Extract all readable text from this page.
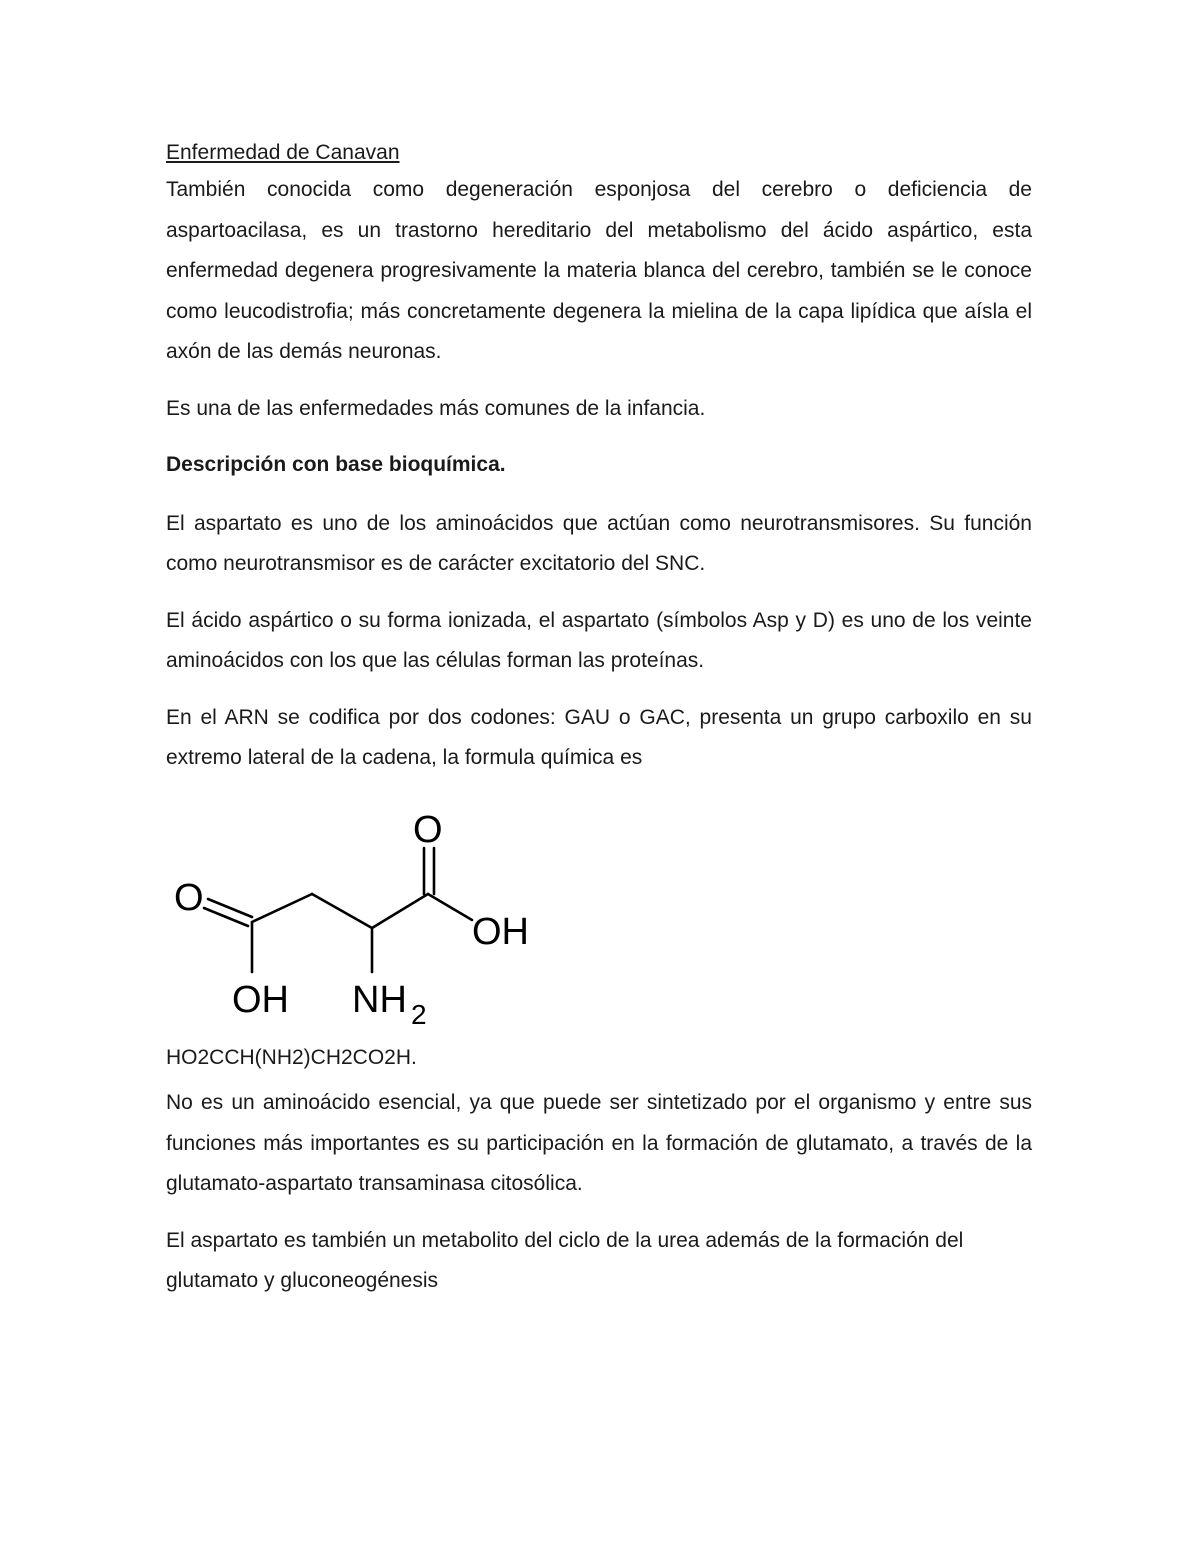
Enfermedad de Canavan

También conocida como degeneración esponjosa del cerebro o deficiencia de aspartoacilasa, es un trastorno hereditario del metabolismo del ácido aspártico, esta enfermedad degenera progresivamente la materia blanca del cerebro, también se le conoce como leucodistrofia; más concretamente degenera la mielina de la capa lipídica que aísla el axón de las demás neuronas.

Es una de las enfermedades más comunes de la infancia.

Descripción con base bioquímica.

El aspartato es uno de los aminoácidos que actúan como neurotransmisores. Su función como neurotransmisor es de carácter excitatorio del SNC.

El ácido aspártico o su forma ionizada, el aspartato (símbolos Asp y D) es uno de los veinte aminoácidos con los que las células forman las proteínas.

En el ARN se codifica por dos codones: GAU o GAC, presenta un grupo carboxilo en su extremo lateral de la cadena, la formula química es

O
OH NH 2
O
OH

HO2CCH(NH2)CH2CO2H.

No es un aminoácido esencial, ya que puede ser sintetizado por el organismo y entre sus funciones más importantes es su participación en la formación de glutamato, a través de la glutamato-aspartato transaminasa citosólica.

El aspartato es también un metabolito del ciclo de la urea además de la formación del glutamato y gluconeogénesis
